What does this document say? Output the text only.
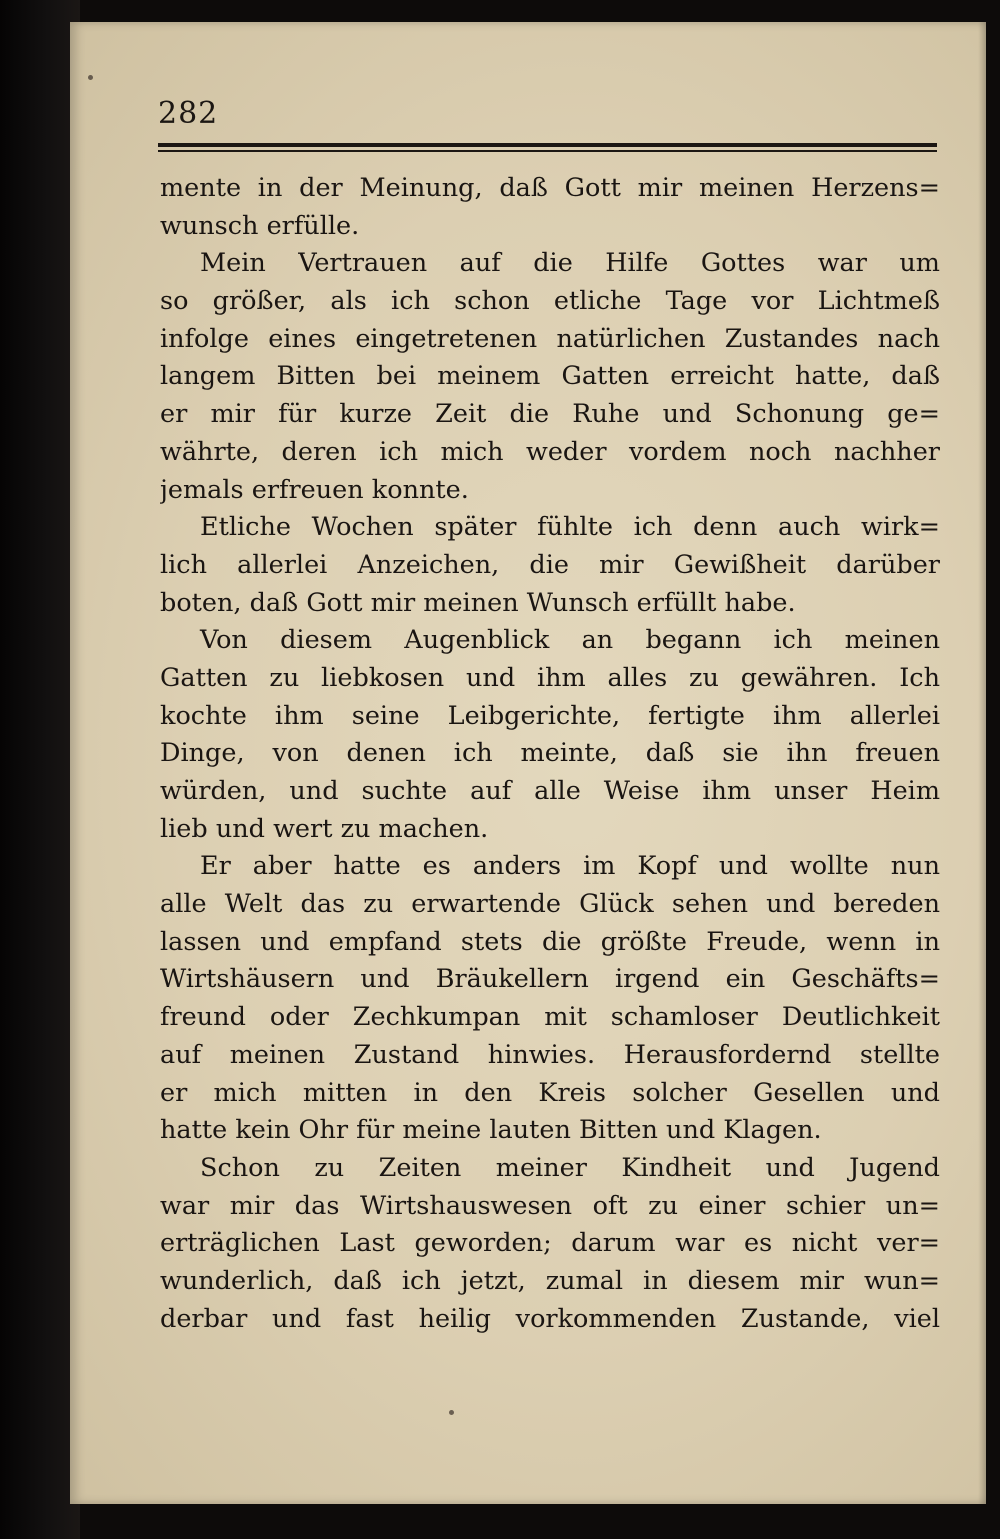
282
mente in der Meinung, daß Gott mir meinen Herzens=
wunsch erfülle.
Mein Vertrauen auf die Hilfe Gottes war um
so größer, als ich schon etliche Tage vor Lichtmeß
infolge eines eingetretenen natürlichen Zustandes nach
langem Bitten bei meinem Gatten erreicht hatte, daß
er mir für kurze Zeit die Ruhe und Schonung ge=
währte, deren ich mich weder vordem noch nachher
jemals erfreuen konnte.
Etliche Wochen später fühlte ich denn auch wirk=
lich allerlei Anzeichen, die mir Gewißheit darüber
boten, daß Gott mir meinen Wunsch erfüllt habe.
Von diesem Augenblick an begann ich meinen
Gatten zu liebkosen und ihm alles zu gewähren. Ich
kochte ihm seine Leibgerichte, fertigte ihm allerlei
Dinge, von denen ich meinte, daß sie ihn freuen
würden, und suchte auf alle Weise ihm unser Heim
lieb und wert zu machen.
Er aber hatte es anders im Kopf und wollte nun
alle Welt das zu erwartende Glück sehen und bereden
lassen und empfand stets die größte Freude, wenn in
Wirtshäusern und Bräukellern irgend ein Geschäfts=
freund oder Zechkumpan mit schamloser Deutlichkeit
auf meinen Zustand hinwies. Herausfordernd stellte
er mich mitten in den Kreis solcher Gesellen und
hatte kein Ohr für meine lauten Bitten und Klagen.
Schon zu Zeiten meiner Kindheit und Jugend
war mir das Wirtshauswesen oft zu einer schier un=
erträglichen Last geworden; darum war es nicht ver=
wunderlich, daß ich jetzt, zumal in diesem mir wun=
derbar und fast heilig vorkommenden Zustande, viel
